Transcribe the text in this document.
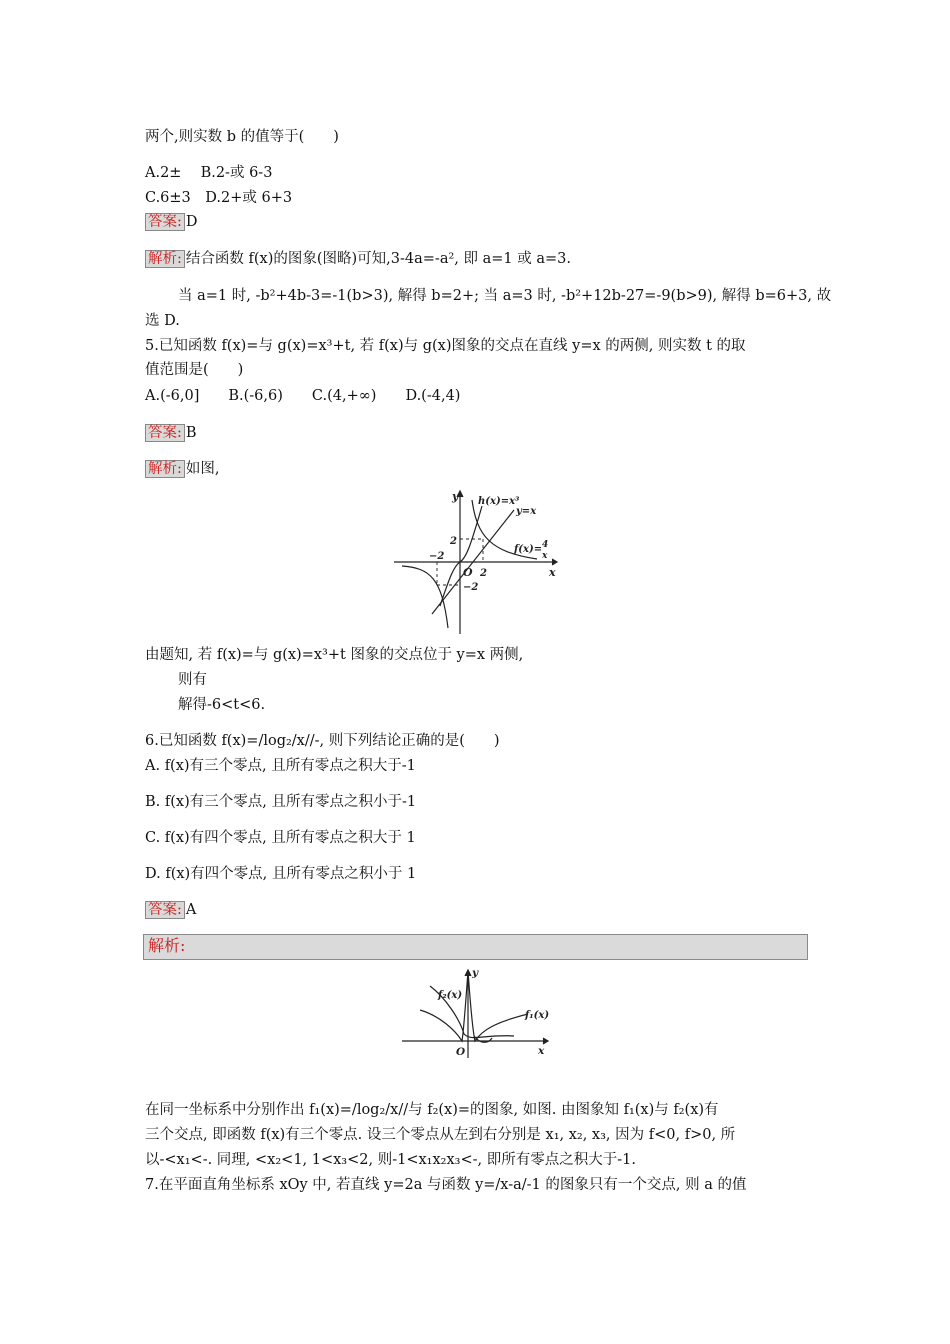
两个,则实数 b 的值等于(　　)
A.2±　 B.2-或 6-3
C.6±3　D.2+或 6+3
答案: D
解析: 结合函数 f(x)的图象(图略)可知,3-4a=-a², 即 a=1 或 a=3.
当 a=1 时, -b²+4b-3=-1(b>3), 解得 b=2+; 当 a=3 时, -b²+12b-27=-9(b>9), 解得 b=6+3, 故
选 D.
5.已知函数 f(x)=与 g(x)=x³+t, 若 f(x)与 g(x)图象的交点在直线 y=x 的两侧, 则实数 t 的取
值范围是(　　)
A.(-6,0]　　B.(-6,6)　　C.(4,+∞)　　D.(-4,4)
答案: B
解析: 如图,
y
x
O
h(x)=x³
y=x
f(x)= 4
x
2
2
−2
−2
由题知, 若 f(x)=与 g(x)=x³+t 图象的交点位于 y=x 两侧,
则有
解得-6<t<6.
6.已知函数 f(x)=/log₂/x//-, 则下列结论正确的是(　　)
A. f(x)有三个零点, 且所有零点之积大于-1
B. f(x)有三个零点, 且所有零点之积小于-1
C. f(x)有四个零点, 且所有零点之积大于 1
D. f(x)有四个零点, 且所有零点之积小于 1
答案: A
解析:
y
x
O
f₂(x)
f₁(x)
在同一坐标系中分别作出 f₁(x)=/log₂/x//与 f₂(x)=的图象, 如图. 由图象知 f₁(x)与 f₂(x)有
三个交点, 即函数 f(x)有三个零点. 设三个零点从左到右分别是 x₁, x₂, x₃, 因为 f<0, f>0, 所
以-<x₁<-. 同理, <x₂<1, 1<x₃<2, 则-1<x₁x₂x₃<-, 即所有零点之积大于-1.
7.在平面直角坐标系 xOy 中, 若直线 y=2a 与函数 y=/x-a/-1 的图象只有一个交点, 则 a 的值
